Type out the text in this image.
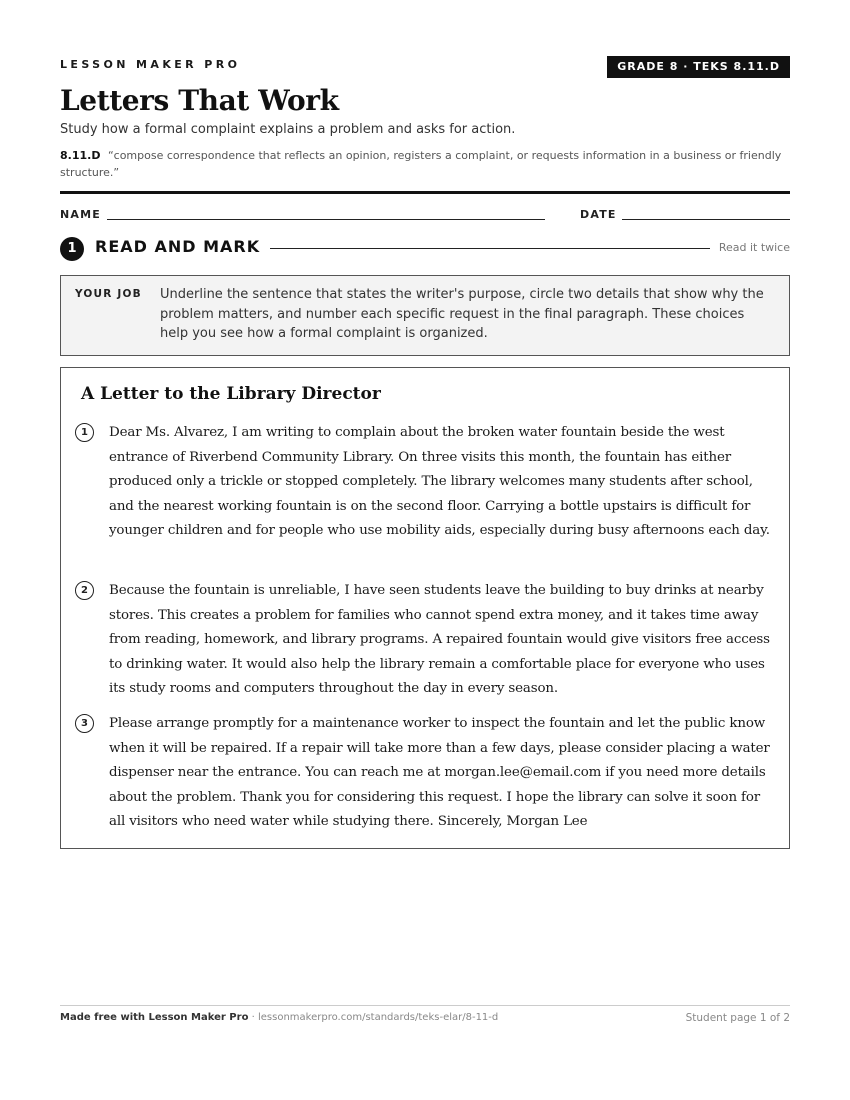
LESSON MAKER PRO	GRADE 8 · TEKS 8.11.D
Letters That Work
Study how a formal complaint explains a problem and asks for action.
8.11.D “compose correspondence that reflects an opinion, registers a complaint, or requests information in a business or friendly structure.”
NAME	DATE
1	READ AND MARK	Read it twice
YOUR JOB Underline the sentence that states the writer's purpose, circle two details that show why the problem matters, and number each specific request in the final paragraph. These choices help you see how a formal complaint is organized.
A Letter to the Library Director
1	Dear Ms. Alvarez, I am writing to complain about the broken water fountain beside the west entrance of Riverbend Community Library. On three visits this month, the fountain has either produced only a trickle or stopped completely. The library welcomes many students after school, and the nearest working fountain is on the second floor. Carrying a bottle upstairs is difficult for younger children and for people who use mobility aids, especially during busy afternoons each day.
2	Because the fountain is unreliable, I have seen students leave the building to buy drinks at nearby stores. This creates a problem for families who cannot spend extra money, and it takes time away from reading, homework, and library programs. A repaired fountain would give visitors free access to drinking water. It would also help the library remain a comfortable place for everyone who uses its study rooms and computers throughout the day in every season.
3	Please arrange promptly for a maintenance worker to inspect the fountain and let the public know when it will be repaired. If a repair will take more than a few days, please consider placing a water dispenser near the entrance. You can reach me at morgan.lee@email.com if you need more details about the problem. Thank you for considering this request. I hope the library can solve it soon for all visitors who need water while studying there. Sincerely, Morgan Lee
Made free with Lesson Maker Pro · lessonmakerpro.com/standards/teks-elar/8-11-d	Student page 1 of 2
